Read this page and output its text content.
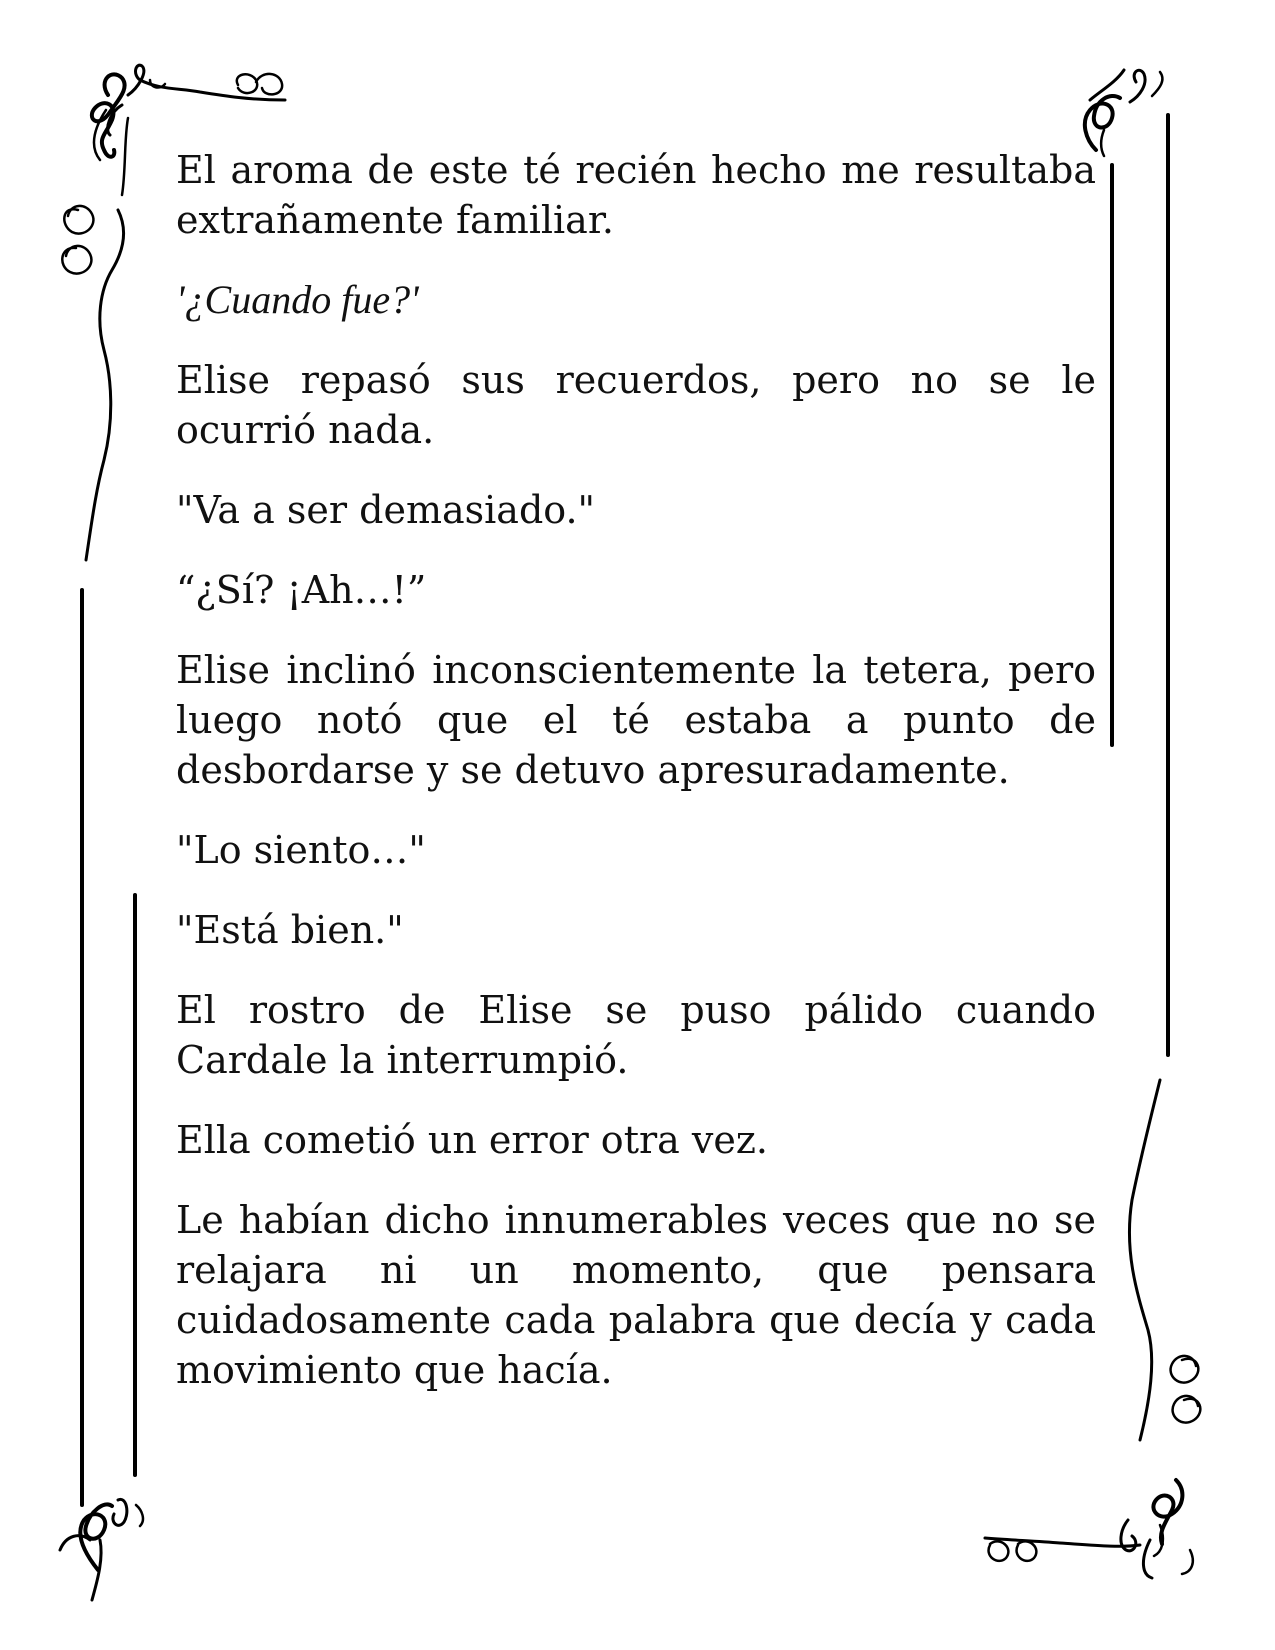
El aroma de este té recién hecho me resultaba extrañamente familiar.

'¿Cuando fue?'

Elise repasó sus recuerdos, pero no se le ocurrió nada.

"Va a ser demasiado."

“¿Sí? ¡Ah…!”

Elise inclinó inconscientemente la tetera, pero luego notó que el té estaba a punto de desbordarse y se detuvo apresuradamente.

"Lo siento…"

"Está bien."

El rostro de Elise se puso pálido cuando Cardale la interrumpió.

Ella cometió un error otra vez.

Le habían dicho innumerables veces que no se relajara ni un momento, que pensara cuidadosamente cada palabra que decía y cada movimiento que hacía.
